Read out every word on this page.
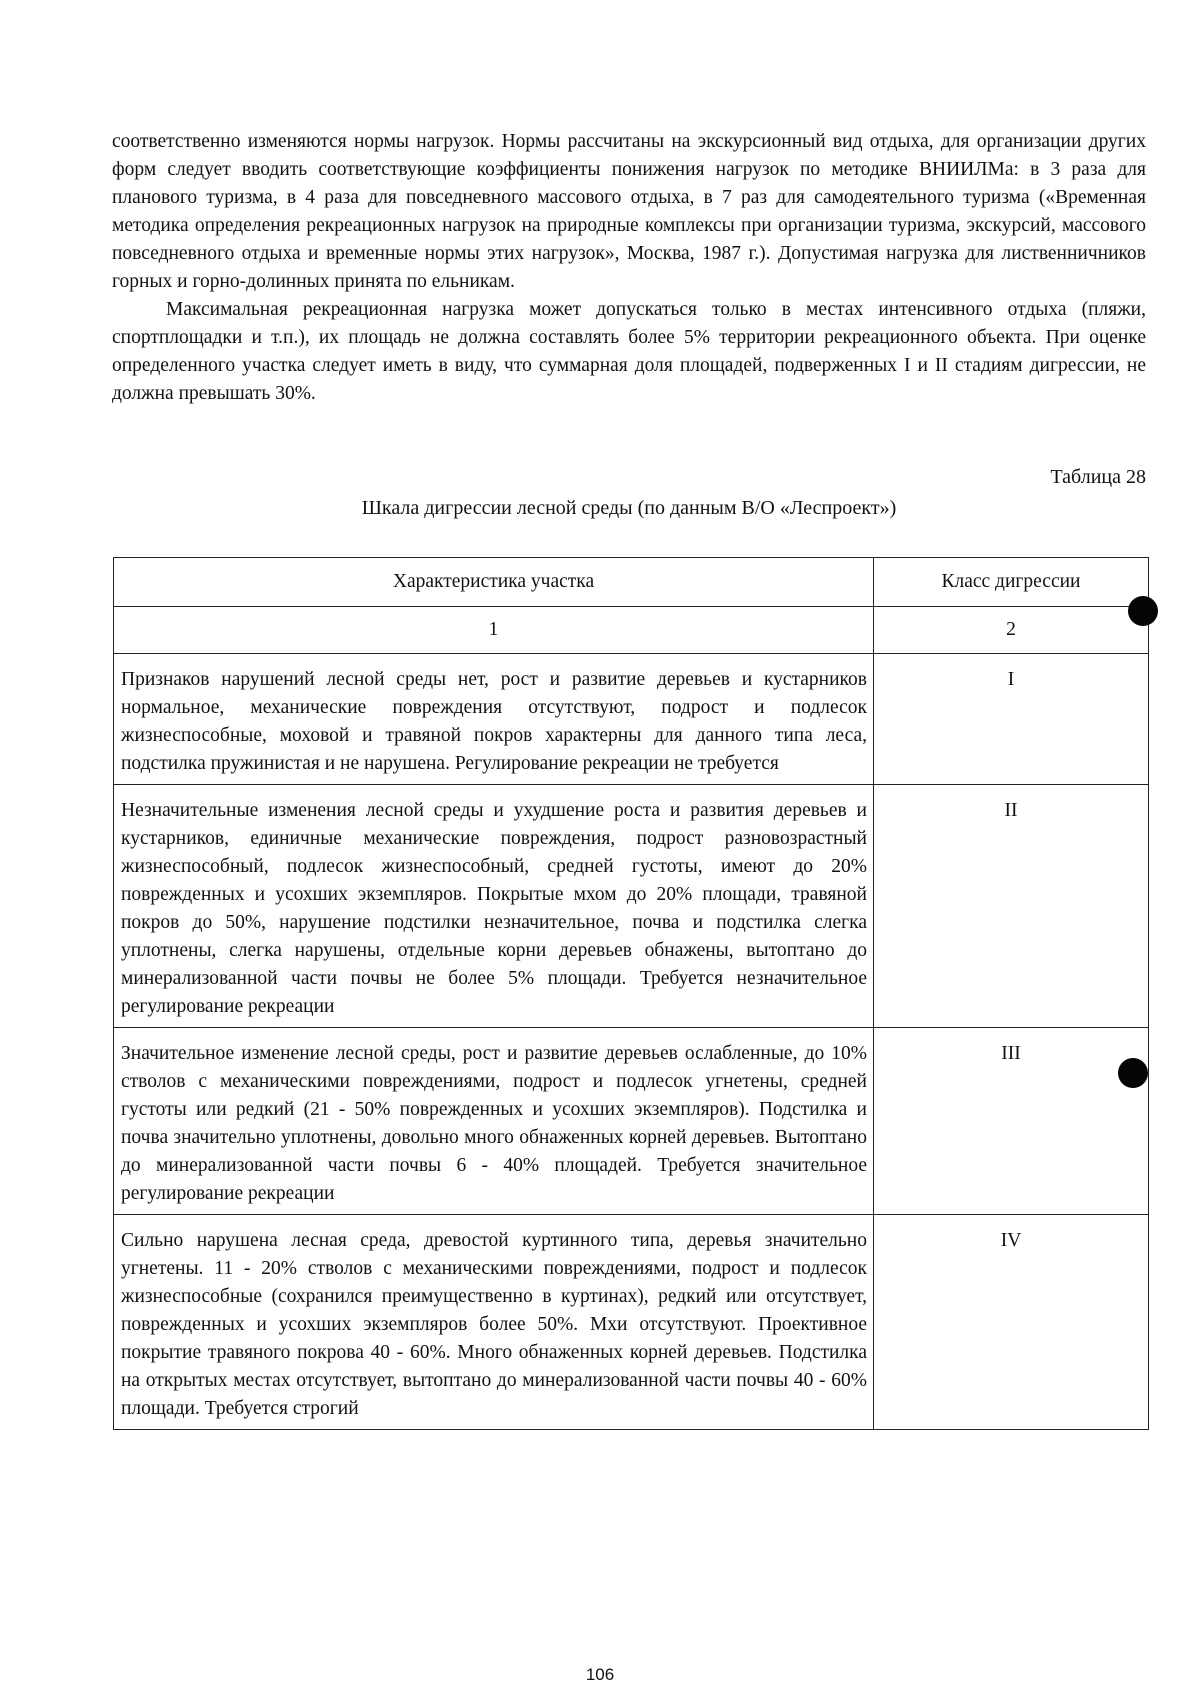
соответственно изменяются нормы нагрузок. Нормы рассчитаны на экскурсионный вид отдыха, для организации других форм следует вводить соответствующие коэффициенты понижения нагрузок по методике ВНИИЛМа: в 3 раза для планового туризма, в 4 раза для повседневного массового отдыха, в 7 раз для самодеятельного туризма («Временная методика определения рекреационных нагрузок на природные комплексы при организации туризма, экскурсий, массового повседневного отдыха и временные нормы этих нагрузок», Москва, 1987 г.). Допустимая нагрузка для лиственничников горных и горно-долинных принята по ельникам.

Максимальная рекреационная нагрузка может допускаться только в местах интенсивного отдыха (пляжи, спортплощадки и т.п.), их площадь не должна составлять более 5% территории рекреационного объекта. При оценке определенного участка следует иметь в виду, что суммарная доля площадей, подверженных I и II стадиям дигрессии, не должна превышать 30%.

Таблица 28
Шкала дигрессии лесной среды (по данным В/О «Леспроект»)
Характеристика участка	Класс дигрессии
1	2
Признаков нарушений лесной среды нет, рост и развитие деревьев и кустарников нормальное, механические повреждения отсутствуют, подрост и подлесок жизнеспособные, моховой и травяной покров характерны для данного типа леса, подстилка пружинистая и не нарушена. Регулирование рекреации не требуется	I
Незначительные изменения лесной среды и ухудшение роста и развития деревьев и кустарников, единичные механические повреждения, подрост разновозрастный жизнеспособный, подлесок жизнеспособный, средней густоты, имеют до 20% поврежденных и усохших экземпляров. Покрытые мхом до 20% площади, травяной покров до 50%, нарушение подстилки незначительное, почва и подстилка слегка уплотнены, слегка нарушены, отдельные корни деревьев обнажены, вытоптано до минерализованной части почвы не более 5% площади. Требуется незначительное регулирование рекреации	II
Значительное изменение лесной среды, рост и развитие деревьев ослабленные, до 10% стволов с механическими повреждениями, подрост и подлесок угнетены, средней густоты или редкий (21 - 50% поврежденных и усохших экземпляров). Подстилка и почва значительно уплотнены, довольно много обнаженных корней деревьев. Вытоптано до минерализованной части почвы 6 - 40% площадей. Требуется значительное регулирование рекреации	III
Сильно нарушена лесная среда, древостой куртинного типа, деревья значительно угнетены. 11 - 20% стволов с механическими повреждениями, подрост и подлесок жизнеспособные (сохранился преимущественно в куртинах), редкий или отсутствует, поврежденных и усохших экземпляров более 50%. Мхи отсутствуют. Проективное покрытие травяного покрова 40 - 60%. Много обнаженных корней деревьев. Подстилка на открытых местах отсутствует, вытоптано до минерализованной части почвы 40 - 60% площади. Требуется строгий	IV
106
